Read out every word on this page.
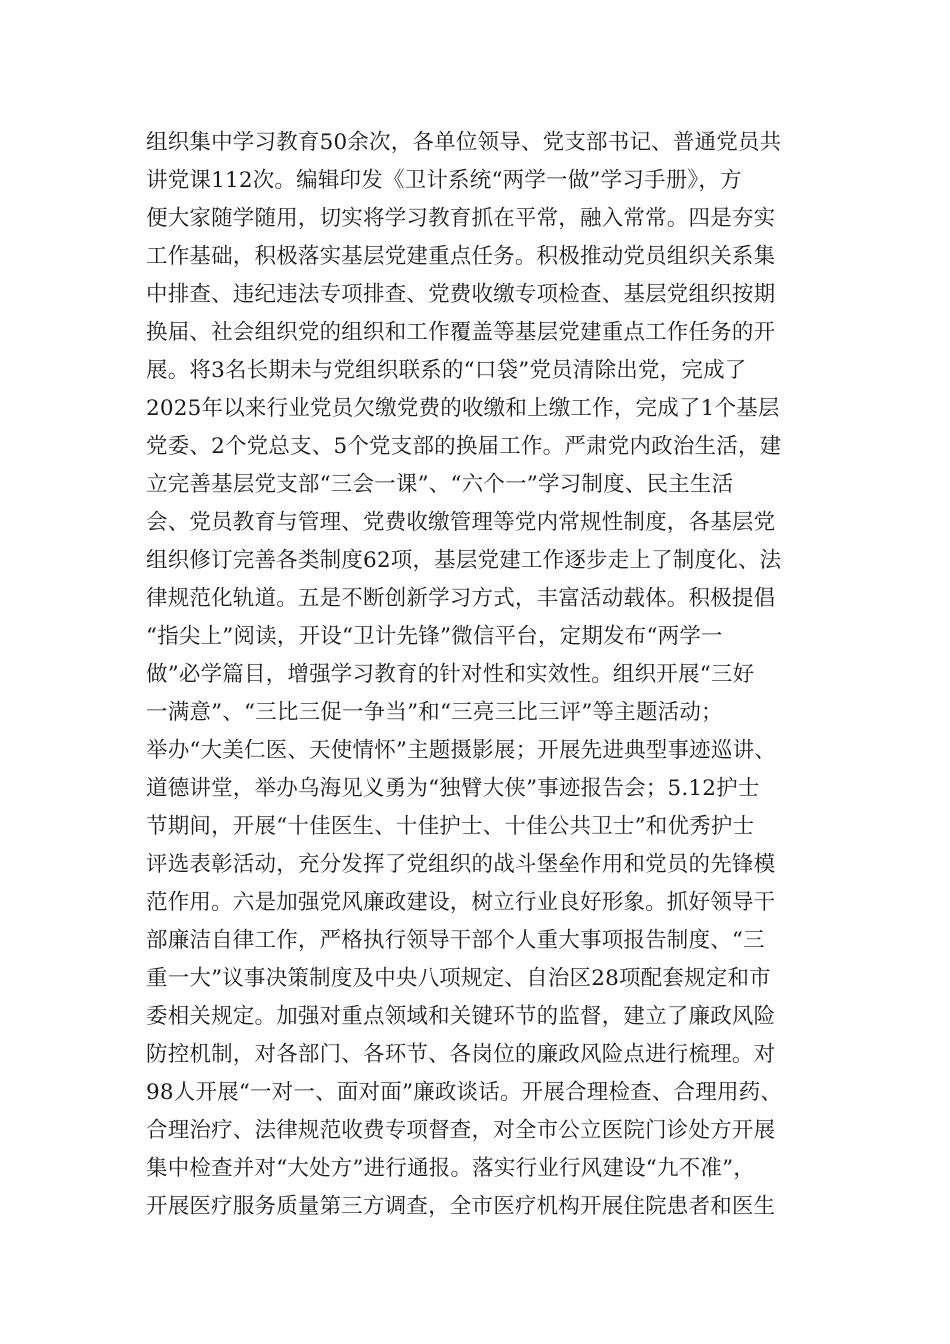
组织集中学习教育50余次，各单位领导、党支部书记、普通党员共
讲党课112次。编辑印发《卫计系统“两学一做”学习手册》，方
便大家随学随用，切实将学习教育抓在平常，融入常常。四是夯实
工作基础，积极落实基层党建重点任务。积极推动党员组织关系集
中排查、违纪违法专项排查、党费收缴专项检查、基层党组织按期
换届、社会组织党的组织和工作覆盖等基层党建重点工作任务的开
展。将3名长期未与党组织联系的“口袋”党员清除出党，完成了
2025年以来行业党员欠缴党费的收缴和上缴工作，完成了1个基层
党委、2个党总支、5个党支部的换届工作。严肃党内政治生活，建
立完善基层党支部“三会一课”、“六个一”学习制度、民主生活
会、党员教育与管理、党费收缴管理等党内常规性制度，各基层党
组织修订完善各类制度62项，基层党建工作逐步走上了制度化、法
律规范化轨道。五是不断创新学习方式，丰富活动载体。积极提倡
“指尖上”阅读，开设“卫计先锋”微信平台，定期发布“两学一
做”必学篇目，增强学习教育的针对性和实效性。组织开展“三好
一满意”、“三比三促一争当”和“三亮三比三评”等主题活动；
举办“大美仁医、天使情怀”主题摄影展；开展先进典型事迹巡讲、
道德讲堂，举办乌海见义勇为“独臂大侠”事迹报告会；5.12护士
节期间，开展“十佳医生、十佳护士、十佳公共卫士”和优秀护士
评选表彰活动，充分发挥了党组织的战斗堡垒作用和党员的先锋模
范作用。六是加强党风廉政建设，树立行业良好形象。抓好领导干
部廉洁自律工作，严格执行领导干部个人重大事项报告制度、“三
重一大”议事决策制度及中央八项规定、自治区28项配套规定和市
委相关规定。加强对重点领域和关键环节的监督，建立了廉政风险
防控机制，对各部门、各环节、各岗位的廉政风险点进行梳理。对
98人开展“一对一、面对面”廉政谈话。开展合理检查、合理用药、
合理治疗、法律规范收费专项督查，对全市公立医院门诊处方开展
集中检查并对“大处方”进行通报。落实行业行风建设“九不准”，
开展医疗服务质量第三方调查，全市医疗机构开展住院患者和医生
